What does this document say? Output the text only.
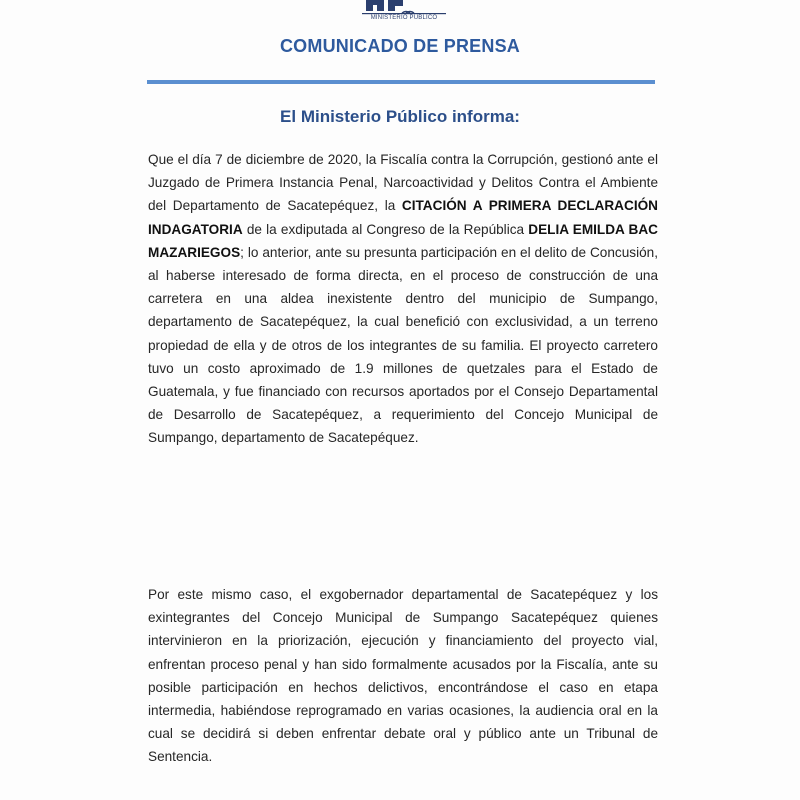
MINISTERIO PÚBLICO
COMUNICADO DE PRENSA
El Ministerio Público informa:

Que el día 7 de diciembre de 2020, la Fiscalía contra la Corrupción, gestionó ante el Juzgado de Primera Instancia Penal, Narcoactividad y Delitos Contra el Ambiente del Departamento de Sacatepéquez, la CITACIÓN A PRIMERA DECLARACIÓN INDAGATORIA de la exdiputada al Congreso de la República DELIA EMILDA BAC MAZARIEGOS; lo anterior, ante su presunta participación en el delito de Concusión, al haberse interesado de forma directa, en el proceso de construcción de una carretera en una aldea inexistente dentro del municipio de Sumpango, departamento de Sacatepéquez, la cual benefició con exclusividad, a un terreno propiedad de ella y de otros de los integrantes de su familia. El proyecto carretero tuvo un costo aproximado de 1.9 millones de quetzales para el Estado de Guatemala, y fue financiado con recursos aportados por el Consejo Departamental de Desarrollo de Sacatepéquez, a requerimiento del Concejo Municipal de Sumpango, departamento de Sacatepéquez.

Por este mismo caso, el exgobernador departamental de Sacatepéquez y los exintegrantes del Concejo Municipal de Sumpango Sacatepéquez quienes intervinieron en la priorización, ejecución y financiamiento del proyecto vial, enfrentan proceso penal y han sido formalmente acusados por la Fiscalía, ante su posible participación en hechos delictivos, encontrándose el caso en etapa intermedia, habiéndose reprogramado en varias ocasiones, la audiencia oral en la cual se decidirá si deben enfrentar debate oral y público ante un Tribunal de Sentencia.
